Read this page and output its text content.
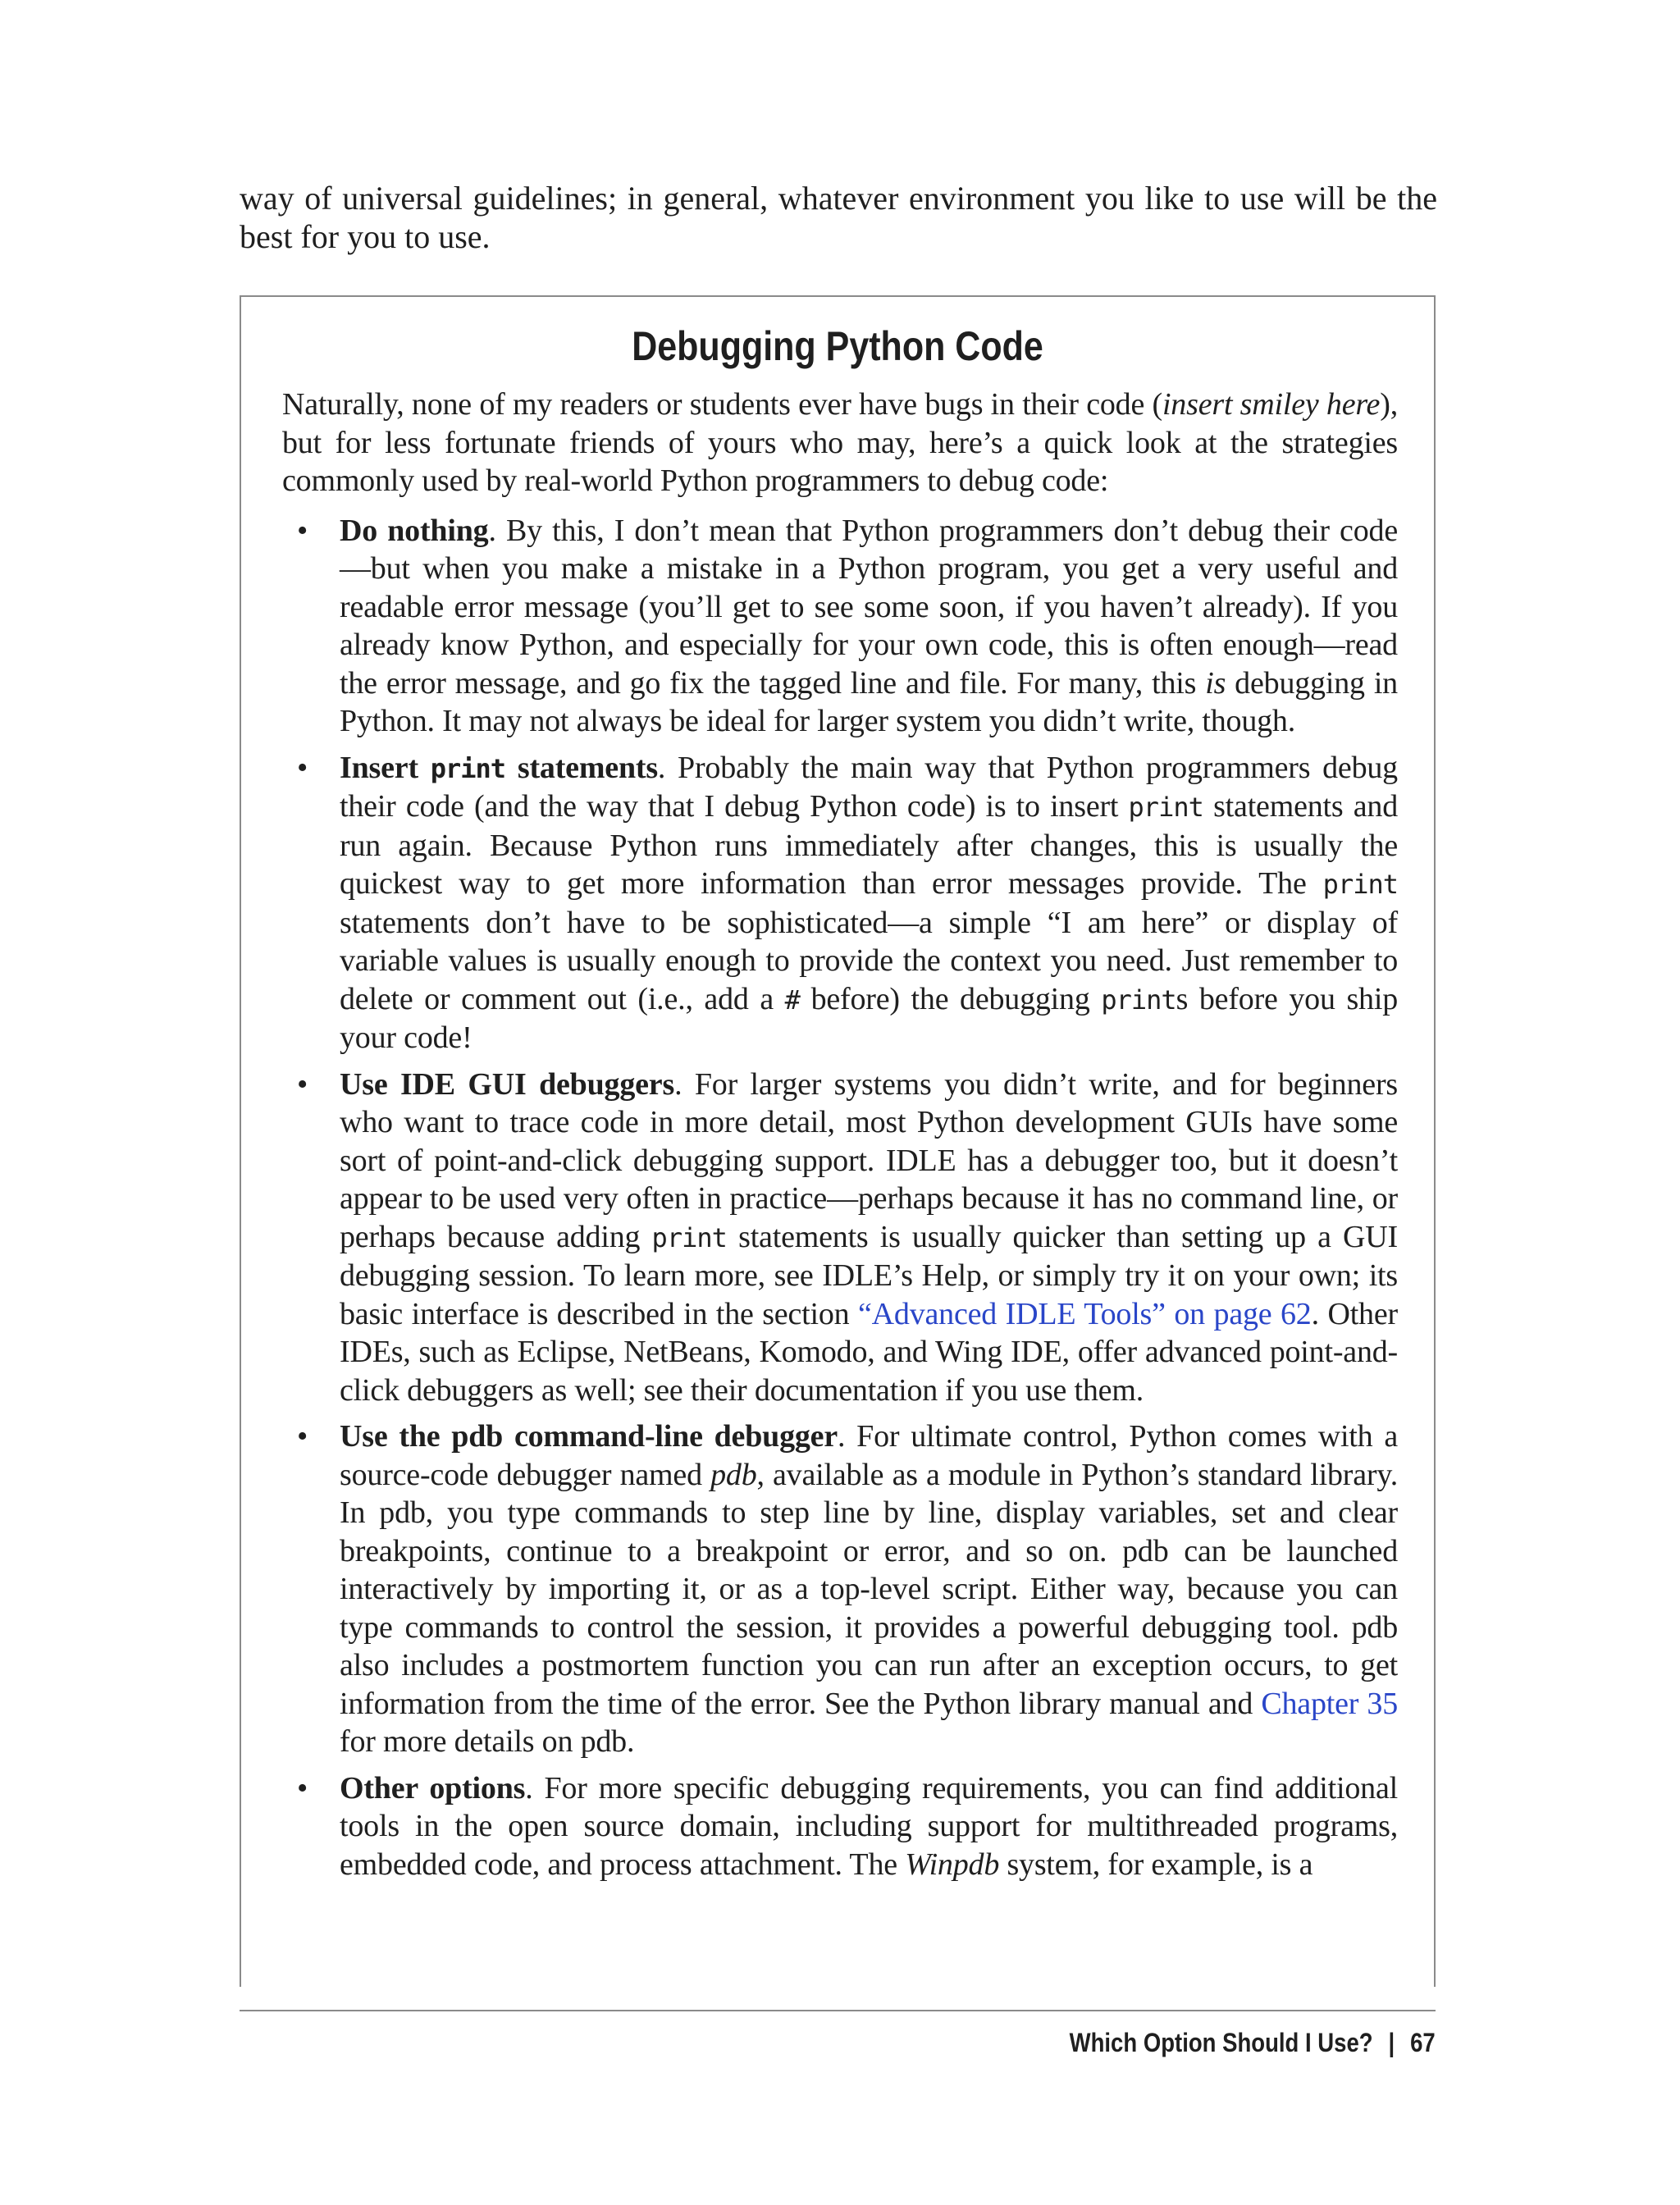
way of universal guidelines; in general, whatever environment you like to use will be the best for you to use.

Debugging Python Code

Naturally, none of my readers or students ever have bugs in their code (insert smiley here), but for less fortunate friends of yours who may, here’s a quick look at the strategies commonly used by real-world Python programmers to debug code:

• Do nothing. By this, I don’t mean that Python programmers don’t debug their code—but when you make a mistake in a Python program, you get a very useful and readable error message (you’ll get to see some soon, if you haven’t already). If you already know Python, and especially for your own code, this is often enough—read the error message, and go fix the tagged line and file. For many, this is debugging in Python. It may not always be ideal for larger system you didn’t write, though.
• Insert print statements. Probably the main way that Python programmers debug their code (and the way that I debug Python code) is to insert print statements and run again. Because Python runs immediately after changes, this is usually the quickest way to get more information than error messages provide. The print statements don’t have to be sophisticated—a simple “I am here” or display of variable values is usually enough to provide the context you need. Just remember to delete or comment out (i.e., add a # before) the debugging prints before you ship your code!
• Use IDE GUI debuggers. For larger systems you didn’t write, and for beginners who want to trace code in more detail, most Python development GUIs have some sort of point-and-click debugging support. IDLE has a debugger too, but it doesn’t appear to be used very often in practice—perhaps because it has no command line, or perhaps because adding print statements is usually quicker than setting up a GUI debugging session. To learn more, see IDLE’s Help, or simply try it on your own; its basic interface is described in the section “Advanced IDLE Tools” on page 62. Other IDEs, such as Eclipse, NetBeans, Komodo, and Wing IDE, offer advanced point-and-click debuggers as well; see their documentation if you use them.
• Use the pdb command-line debugger. For ultimate control, Python comes with a source-code debugger named pdb, available as a module in Python’s standard library. In pdb, you type commands to step line by line, display variables, set and clear breakpoints, continue to a breakpoint or error, and so on. pdb can be launched interactively by importing it, or as a top-level script. Either way, because you can type commands to control the session, it provides a powerful debugging tool. pdb also includes a postmortem function you can run after an exception occurs, to get information from the time of the error. See the Python library manual and Chapter 35 for more details on pdb.
• Other options. For more specific debugging requirements, you can find additional tools in the open source domain, including support for multithreaded programs, embedded code, and process attachment. The Winpdb system, for example, is a
Which Option Should I Use? | 67
